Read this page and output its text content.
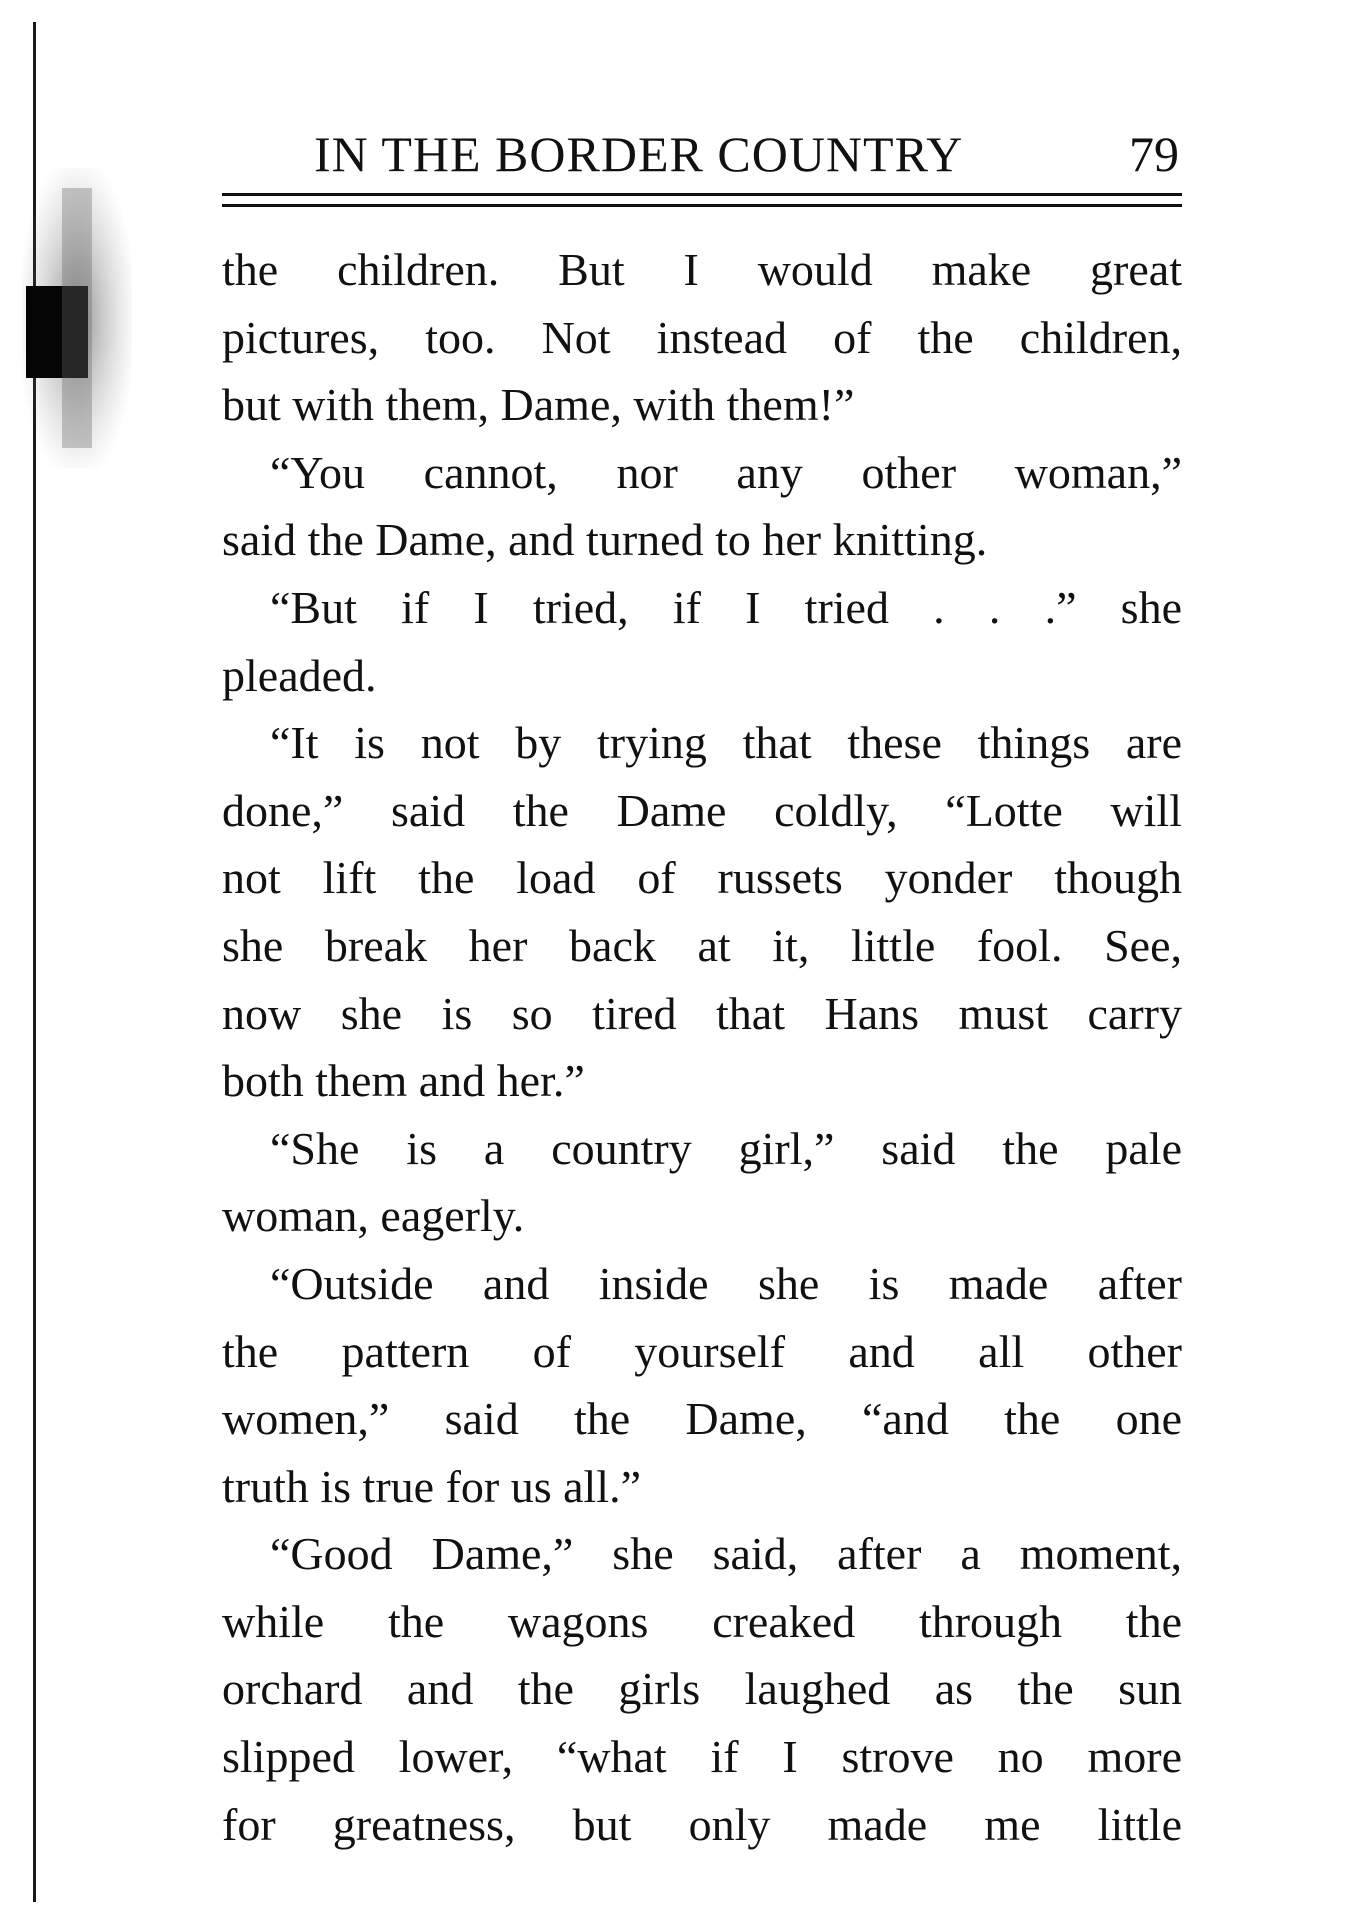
IN THE BORDER COUNTRY	79
the children. But I would make great
pictures, too. Not instead of the children,
but with them, Dame, with them!”
“You cannot, nor any other woman,”
said the Dame, and turned to her knitting.
“But if I tried, if I tried . . .” she
pleaded.
“It is not by trying that these things are
done,” said the Dame coldly, “Lotte will
not lift the load of russets yonder though
she break her back at it, little fool. See,
now she is so tired that Hans must carry
both them and her.”
“She is a country girl,” said the pale
woman, eagerly.
“Outside and inside she is made after
the pattern of yourself and all other
women,” said the Dame, “and the one
truth is true for us all.”
“Good Dame,” she said, after a moment,
while the wagons creaked through the
orchard and the girls laughed as the sun
slipped lower, “what if I strove no more
for greatness, but only made me little
